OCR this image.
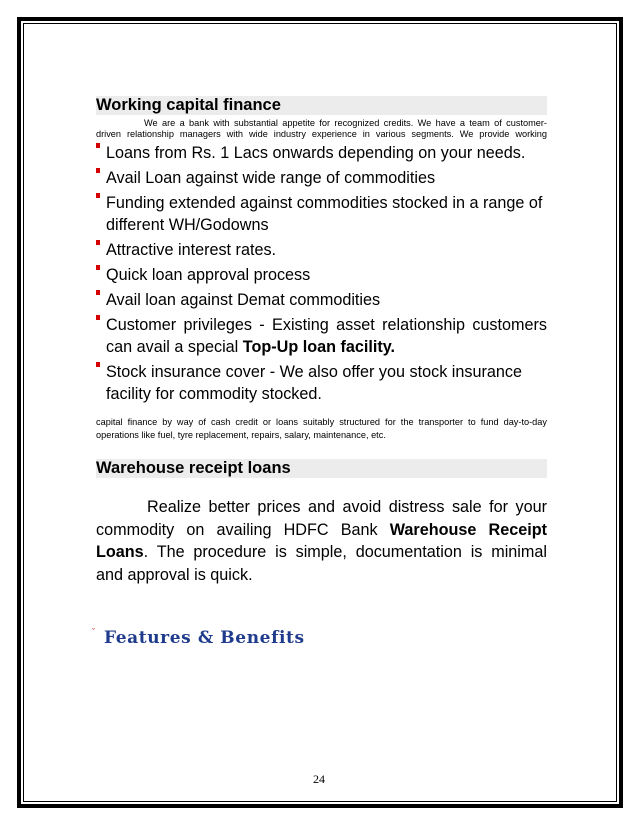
Working capital finance
We are a bank with substantial appetite for recognized credits. We have a team of customer-
driven relationship managers with wide industry experience in various segments. We provide working
Loans from Rs. 1 Lacs onwards depending on your needs.
Avail Loan against wide range of commodities
Funding extended against commodities stocked in a range of different WH/Godowns
Attractive interest rates.
Quick loan approval process
Avail loan against Demat commodities
Customer privileges - Existing asset relationship customers can avail a special Top-Up loan facility.
Stock insurance cover - We also offer you stock insurance facility for commodity stocked.
capital finance by way of cash credit or loans suitably structured for the transporter to fund day-to-day operations like fuel, tyre replacement, repairs, salary, maintenance, etc.
Warehouse receipt loans
Realize better prices and avoid distress sale for your commodity on availing HDFC Bank Warehouse Receipt Loans. The procedure is simple, documentation is minimal and approval is quick.
ˇ Features & Benefits
24
